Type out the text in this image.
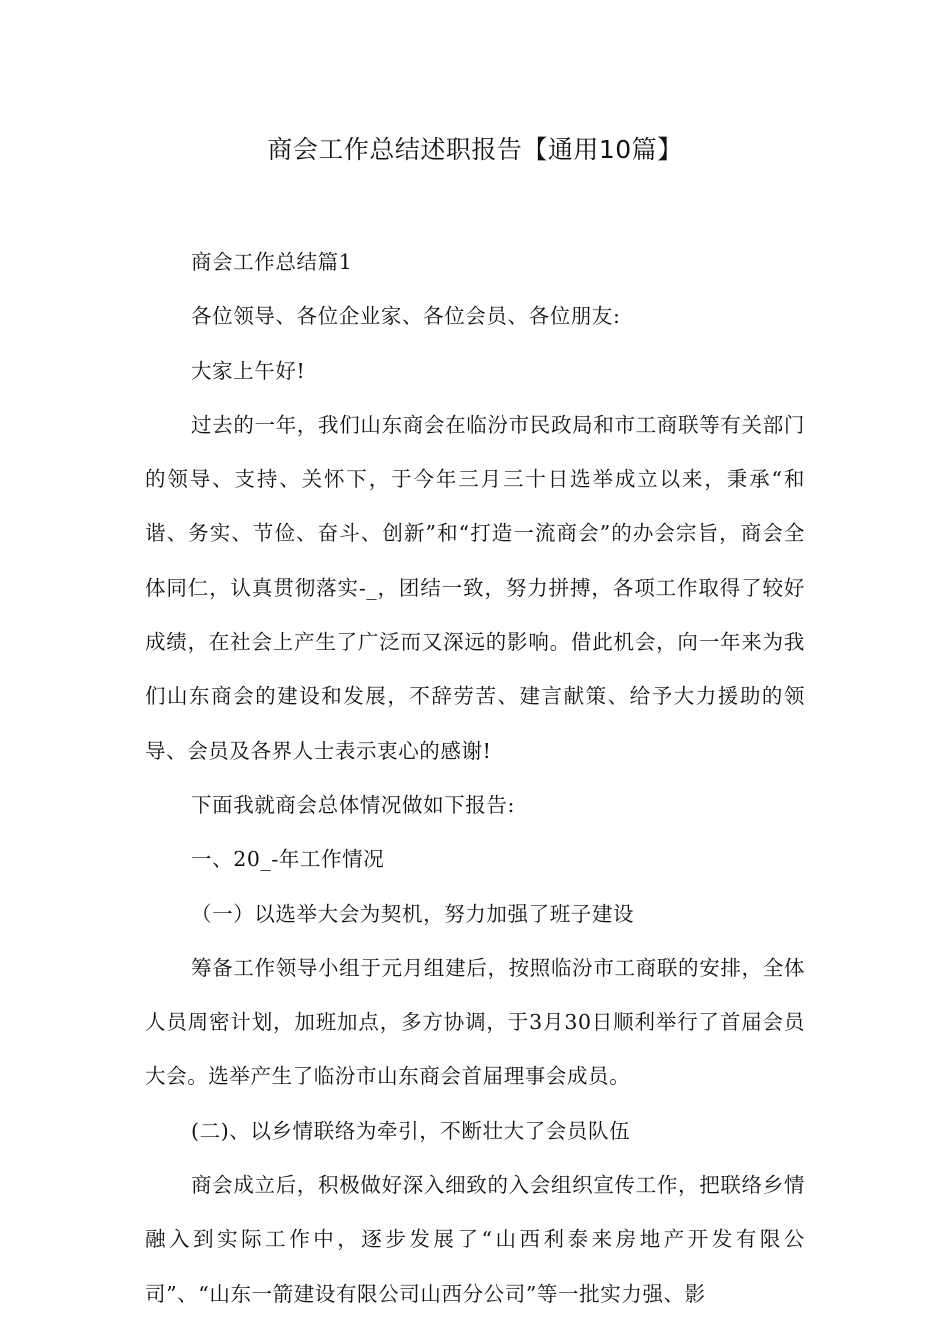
商会工作总结述职报告【通用10篇】

商会工作总结篇1

各位领导、各位企业家、各位会员、各位朋友:

大家上午好!

过去的一年，我们山东商会在临汾市民政局和市工商联等有关部门的领导、支持、关怀下，于今年三月三十日选举成立以来，秉承“和谐、务实、节俭、奋斗、创新”和“打造一流商会”的办会宗旨，商会全体同仁，认真贯彻落实-_，团结一致，努力拼搏，各项工作取得了较好成绩，在社会上产生了广泛而又深远的影响。借此机会，向一年来为我们山东商会的建设和发展，不辞劳苦、建言献策、给予大力援助的领导、会员及各界人士表示衷心的感谢!

下面我就商会总体情况做如下报告:

一、20_-年工作情况

（一）以选举大会为契机，努力加强了班子建设

筹备工作领导小组于元月组建后，按照临汾市工商联的安排，全体人员周密计划，加班加点，多方协调，于3月30日顺利举行了首届会员大会。选举产生了临汾市山东商会首届理事会成员。

(二)、以乡情联络为牵引，不断壮大了会员队伍

商会成立后，积极做好深入细致的入会组织宣传工作，把联络乡情融入到实际工作中，逐步发展了“山西利泰来房地产开发有限公司”、“山东一箭建设有限公司山西分公司”等一批实力强、影
